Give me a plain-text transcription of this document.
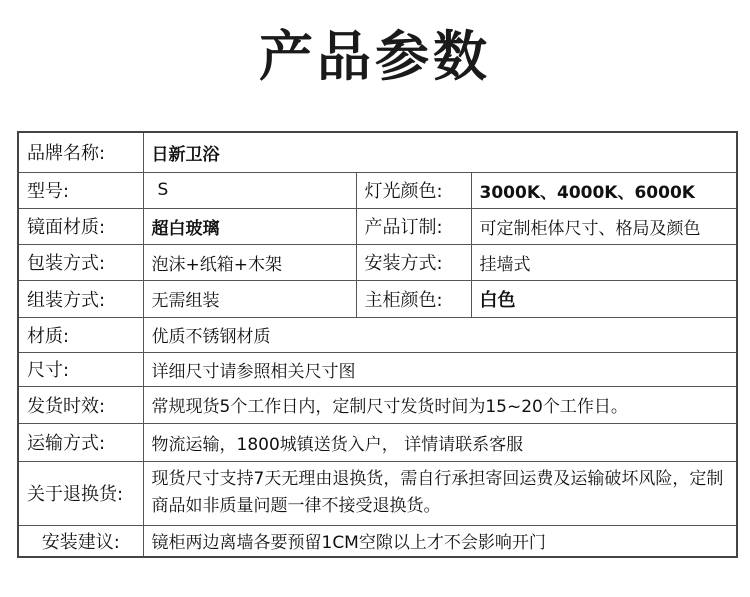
产品参数
品牌名称:	日新卫浴		
型号:	S	灯光颜色:	3000K、4000K、6000K
镜面材质:	超白玻璃	产品订制:	可定制柜体尺寸、格局及颜色
包装方式:	泡沫+纸箱+木架	安装方式:	挂墙式
组装方式:	无需组装	主柜颜色:	白色
材质:	优质不锈钢材质		
尺寸:	详细尺寸请参照相关尺寸图		
发货时效:	常规现货5个工作日内，定制尺寸发货时间为15~20个工作日。		
运输方式:	物流运输，1800城镇送货入户， 详情请联系客服		
关于退换货:	现货尺寸支持7天无理由退换货，需自行承担寄回运费及运输破坏风险，定制商品如非质量问题一律不接受退换货。		
安装建议:	镜柜两边离墙各要预留1CM空隙以上才不会影响开门		
